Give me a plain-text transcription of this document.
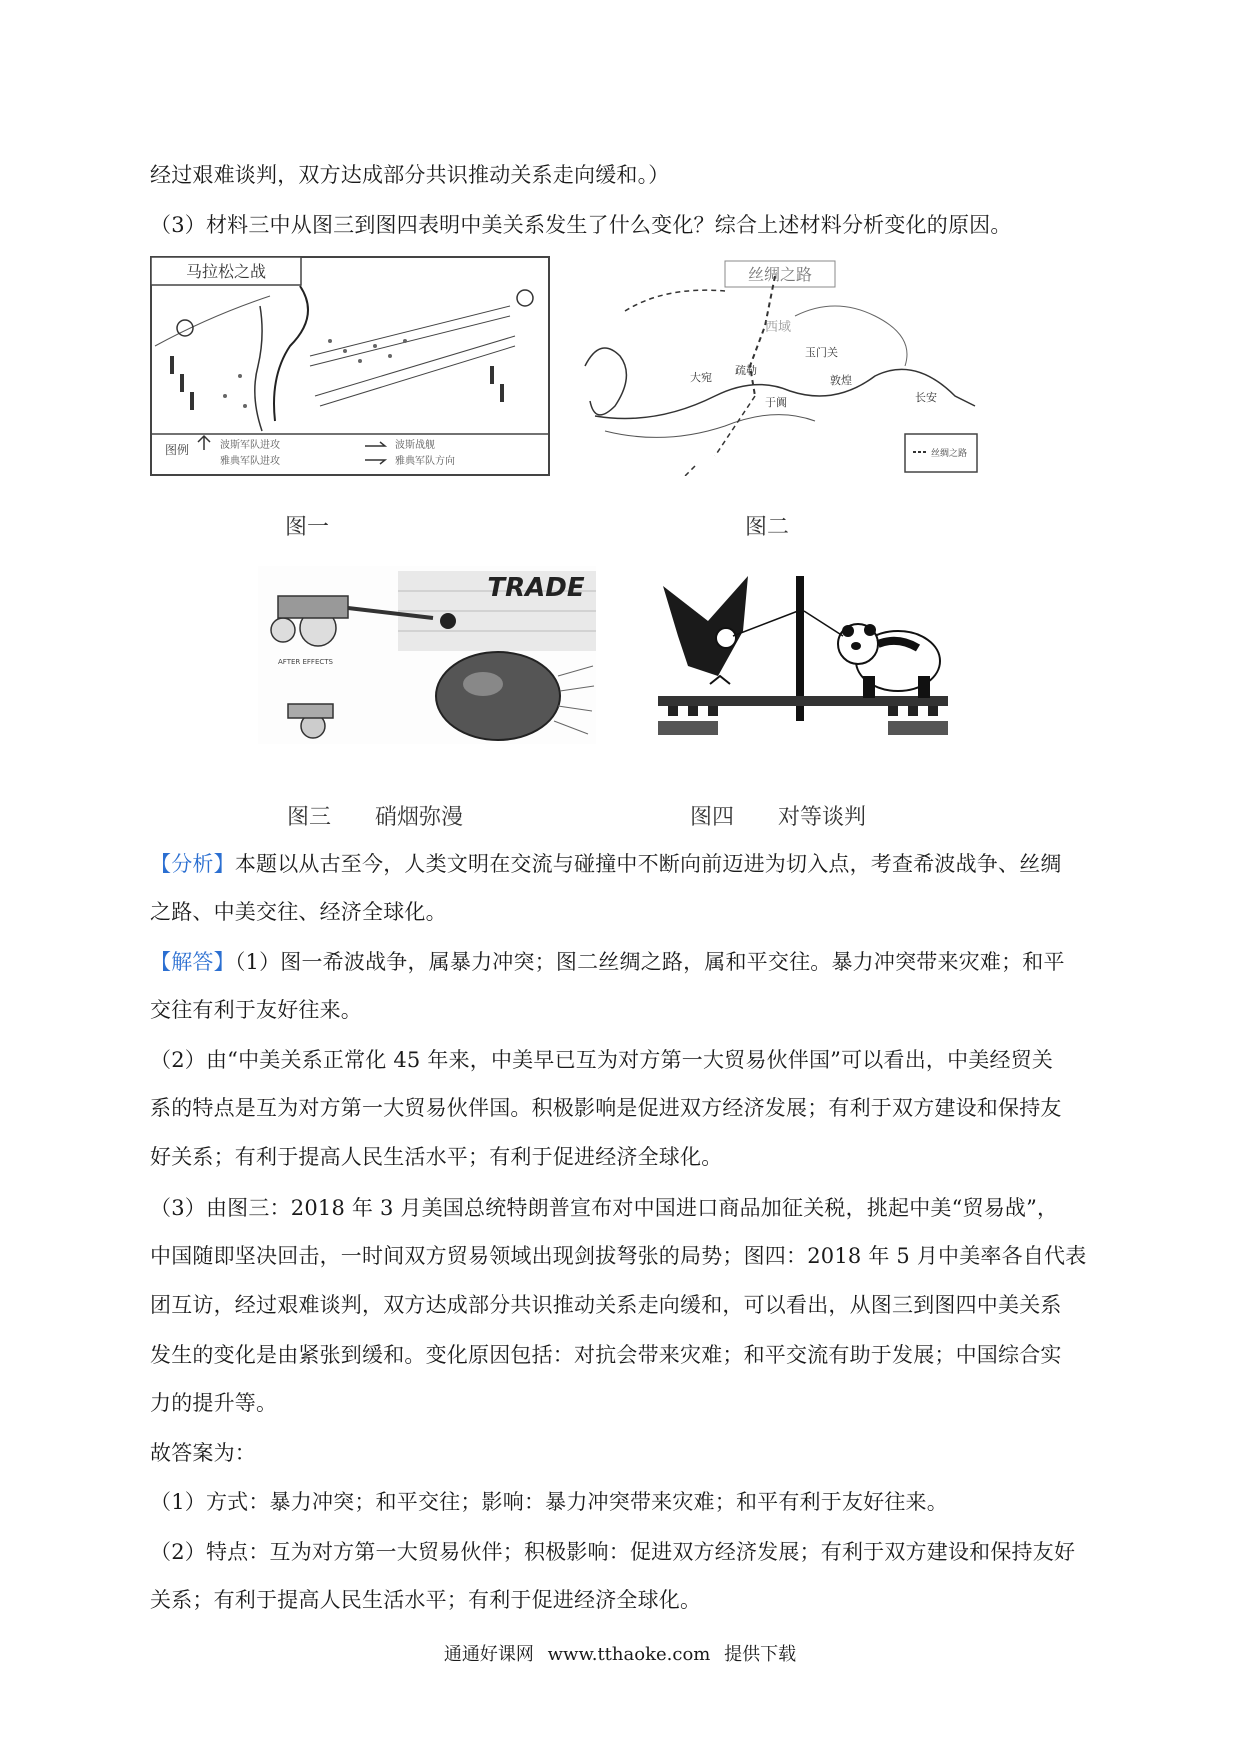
经过艰难谈判，双方达成部分共识推动关系走向缓和。）
（3）材料三中从图三到图四表明中美关系发生了什么变化？综合上述材料分析变化的原因。
马拉松之战
图例	波斯军队进攻
雅典军队进攻
波斯战舰
雅典军队方向
图一
丝绸之路
大宛
疏勒
于阗
玉门关
敦煌
长安
西域
丝绸之路
图二
TRADE
AFTER EFFECTS
图三　　硝烟弥漫	图四　　对等谈判
【分析】本题以从古至今，人类文明在交流与碰撞中不断向前迈进为切入点，考查希波战争、丝绸
之路、中美交往、经济全球化。
【解答】（1）图一希波战争，属暴力冲突；图二丝绸之路，属和平交往。暴力冲突带来灾难；和平
交往有利于友好往来。
（2）由“中美关系正常化 45 年来，中美早已互为对方第一大贸易伙伴国”可以看出，中美经贸关
系的特点是互为对方第一大贸易伙伴国。积极影响是促进双方经济发展；有利于双方建设和保持友
好关系；有利于提高人民生活水平；有利于促进经济全球化。
（3）由图三：2018 年 3 月美国总统特朗普宣布对中国进口商品加征关税，挑起中美“贸易战”，
中国随即坚决回击，一时间双方贸易领域出现剑拔弩张的局势；图四：2018 年 5 月中美率各自代表
团互访，经过艰难谈判，双方达成部分共识推动关系走向缓和，可以看出，从图三到图四中美关系
发生的变化是由紧张到缓和。变化原因包括：对抗会带来灾难；和平交流有助于发展；中国综合实
力的提升等。
故答案为：
（1）方式：暴力冲突；和平交往；影响：暴力冲突带来灾难；和平有利于友好往来。
（2）特点：互为对方第一大贸易伙伴；积极影响：促进双方经济发展；有利于双方建设和保持友好
关系；有利于提高人民生活水平；有利于促进经济全球化。
通通好课网 www.tthaoke.com 提供下载
